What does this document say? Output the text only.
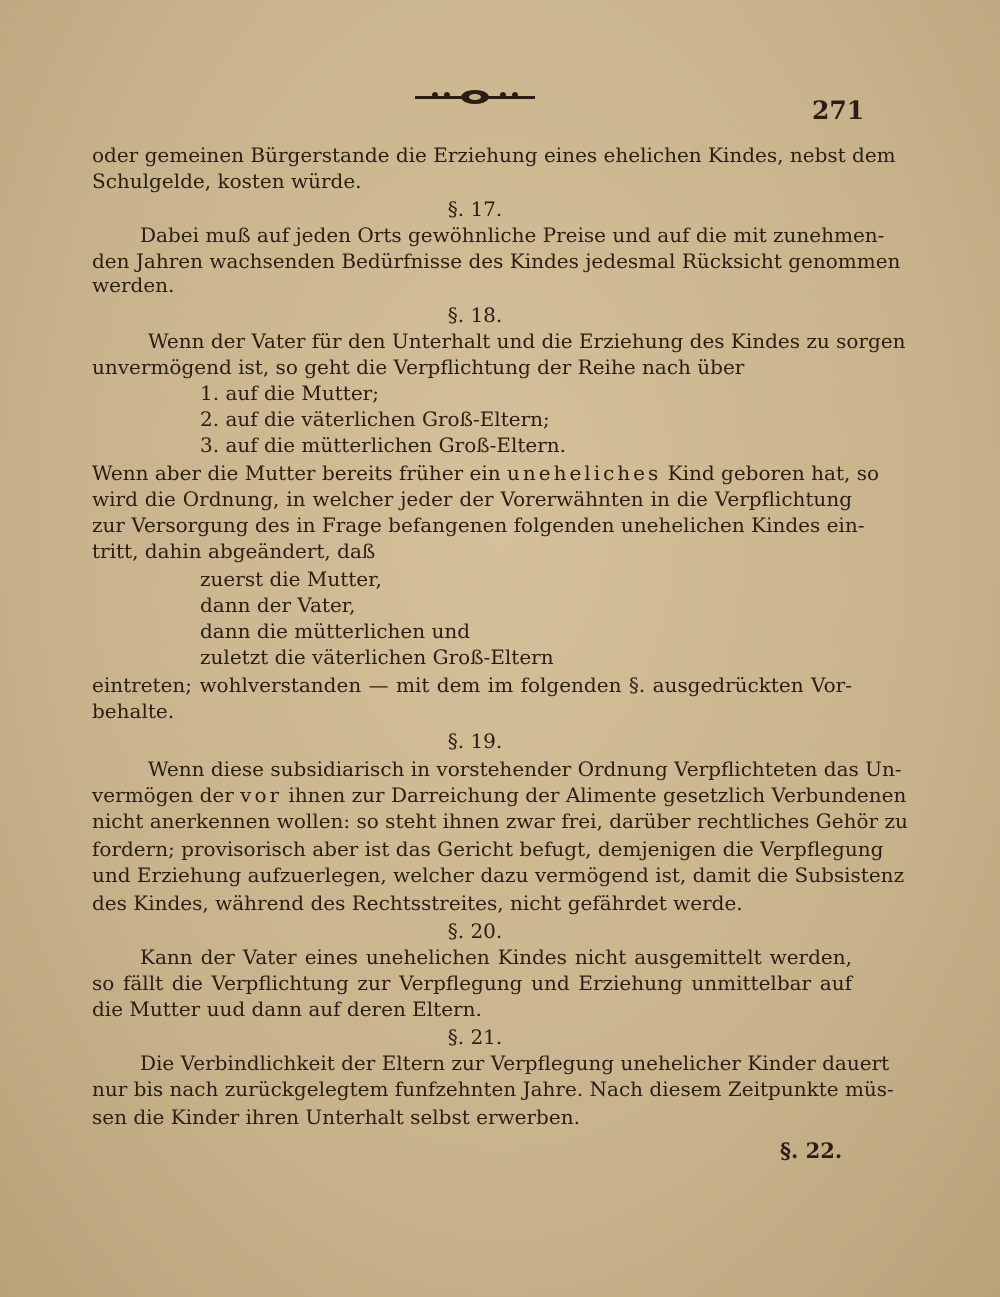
271
oder gemeinen Bürgerstande die Erziehung eines ehelichen Kindes, nebst dem
Schulgelde, kosten würde.
§. 17.
Dabei muß auf jeden Orts gewöhnliche Preise und auf die mit zunehmen-
den Jahren wachsenden Bedürfnisse des Kindes jedesmal Rücksicht genommen
werden.
§. 18.
Wenn der Vater für den Unterhalt und die Erziehung des Kindes zu sorgen
unvermögend ist, so geht die Verpflichtung der Reihe nach über
1. auf die Mutter;
2. auf die väterlichen Groß-Eltern;
3. auf die mütterlichen Groß-Eltern.
Wenn aber die Mutter bereits früher ein uneheliches Kind geboren hat, so
wird die Ordnung, in welcher jeder der Vorerwähnten in die Verpflichtung
zur Versorgung des in Frage befangenen folgenden unehelichen Kindes ein-
tritt, dahin abgeändert, daß
zuerst die Mutter,
dann der Vater,
dann die mütterlichen und
zuletzt die väterlichen Groß-Eltern
eintreten; wohlverstanden — mit dem im folgenden §. ausgedrückten Vor-
behalte.
§. 19.
Wenn diese subsidiarisch in vorstehender Ordnung Verpflichteten das Un-
vermögen der vor ihnen zur Darreichung der Alimente gesetzlich Verbundenen
nicht anerkennen wollen: so steht ihnen zwar frei, darüber rechtliches Gehör zu
fordern; provisorisch aber ist das Gericht befugt, demjenigen die Verpflegung
und Erziehung aufzuerlegen, welcher dazu vermögend ist, damit die Subsistenz
des Kindes, während des Rechtsstreites, nicht gefährdet werde.
§. 20.
Kann der Vater eines unehelichen Kindes nicht ausgemittelt werden,
so fällt die Verpflichtung zur Verpflegung und Erziehung unmittelbar auf
die Mutter uud dann auf deren Eltern.
§. 21.
Die Verbindlichkeit der Eltern zur Verpflegung unehelicher Kinder dauert
nur bis nach zurückgelegtem funfzehnten Jahre. Nach diesem Zeitpunkte müs-
sen die Kinder ihren Unterhalt selbst erwerben.
§. 22.
